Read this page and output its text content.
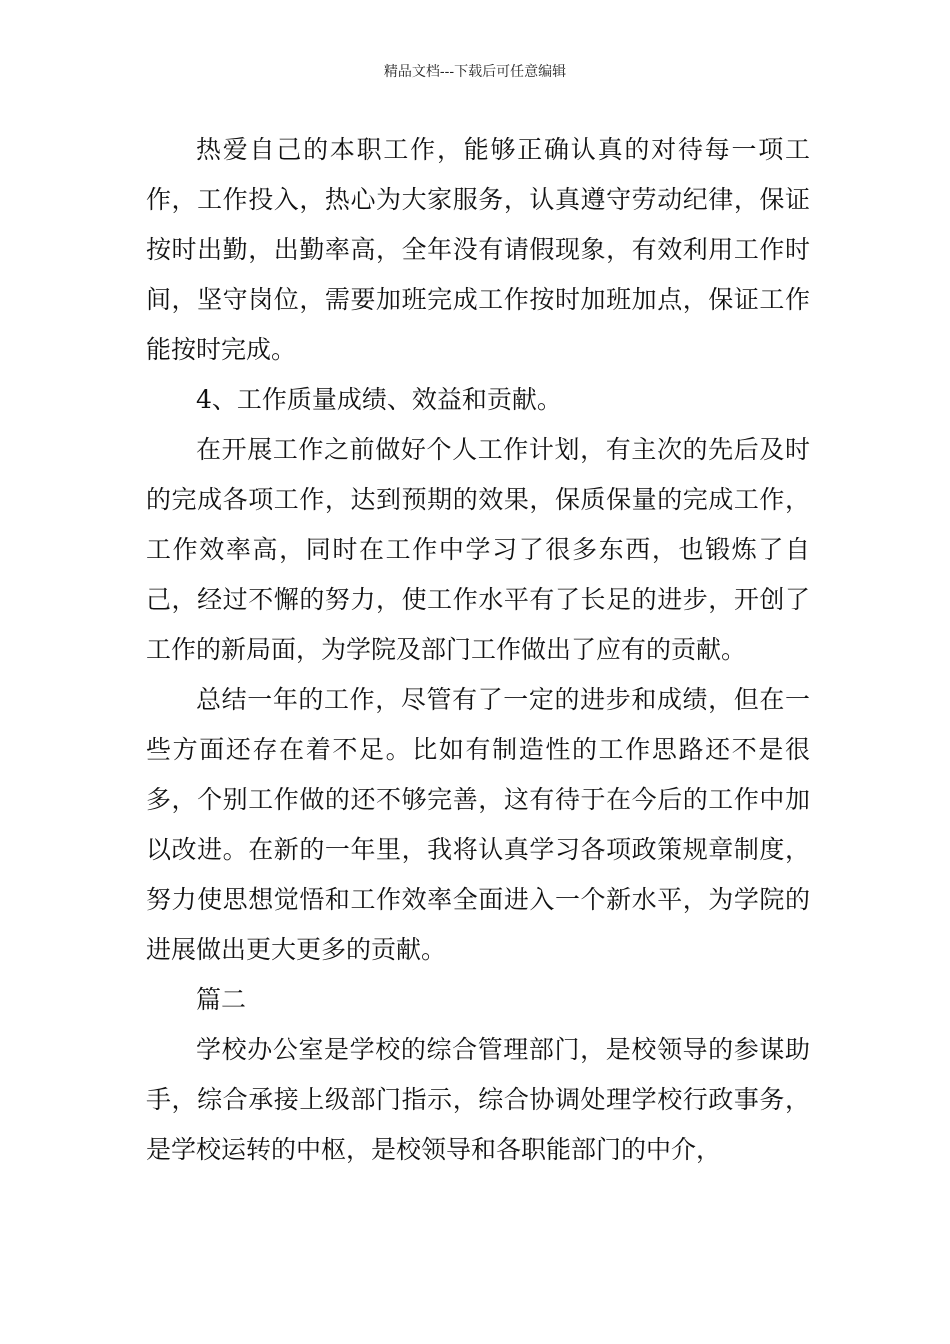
精品文档---下载后可任意编辑

热爱自己的本职工作，能够正确认真的对待每一项工作，工作投入，热心为大家服务，认真遵守劳动纪律，保证按时出勤，出勤率高，全年没有请假现象，有效利用工作时间，坚守岗位，需要加班完成工作按时加班加点，保证工作能按时完成。

4、工作质量成绩、效益和贡献。

在开展工作之前做好个人工作计划，有主次的先后及时的完成各项工作，达到预期的效果，保质保量的完成工作，工作效率高，同时在工作中学习了很多东西，也锻炼了自己，经过不懈的努力，使工作水平有了长足的进步，开创了工作的新局面，为学院及部门工作做出了应有的贡献。

总结一年的工作，尽管有了一定的进步和成绩，但在一些方面还存在着不足。比如有制造性的工作思路还不是很多，个别工作做的还不够完善，这有待于在今后的工作中加以改进。在新的一年里，我将认真学习各项政策规章制度，努力使思想觉悟和工作效率全面进入一个新水平，为学院的进展做出更大更多的贡献。

篇二

学校办公室是学校的综合管理部门，是校领导的参谋助手，综合承接上级部门指示，综合协调处理学校行政事务，是学校运转的中枢，是校领导和各职能部门的中介，
